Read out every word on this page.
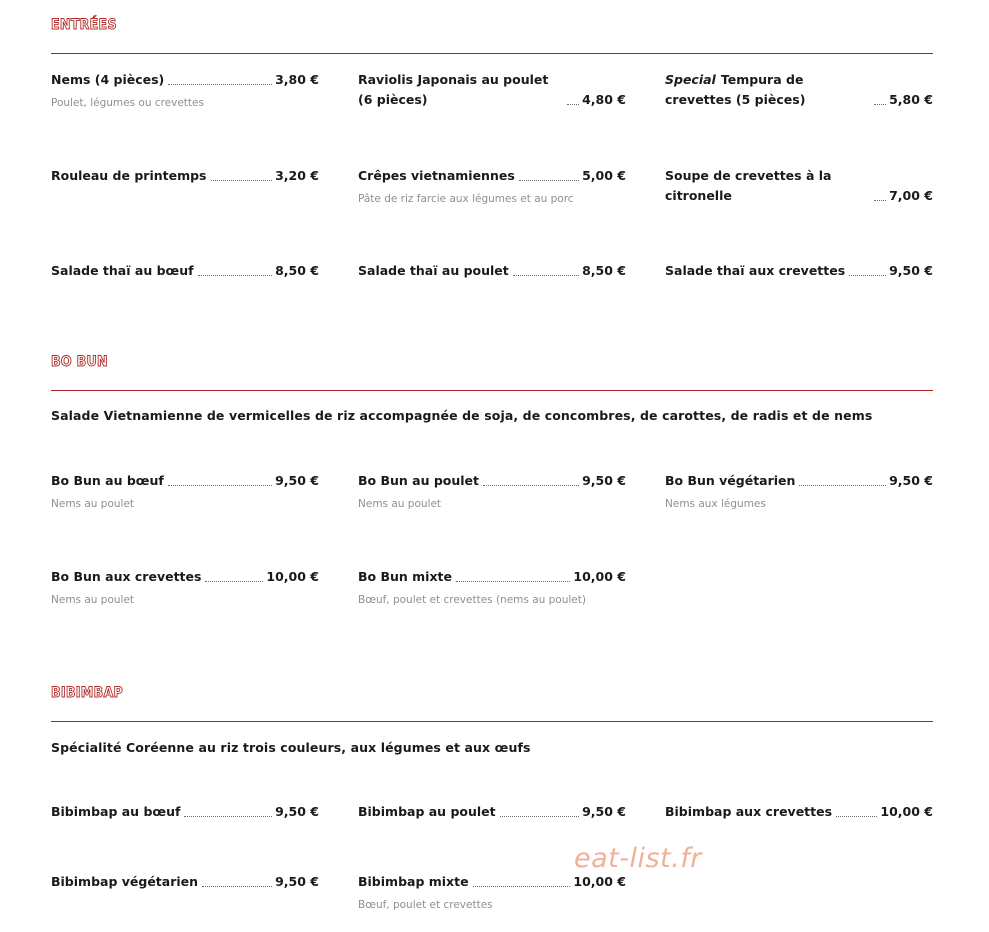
ENTRÉES
Nems (4 pièces)	3,80 €
Poulet, légumes ou crevettes
Raviolis Japonais au poulet (6 pièces)	4,80 €
Special Tempura de crevettes (5 pièces)	5,80 €
Rouleau de printemps	3,20 €	Crêpes vietnamiennes	5,00 €
Pâte de riz farcie aux légumes et au porc
Soupe de crevettes à la citronelle	7,00 €
Salade thaï au bœuf	8,50 €	Salade thaï au poulet	8,50 €	Salade thaï aux crevettes	9,50 €
BO BUN

Salade Vietnamienne de vermicelles de riz accompagnée de soja, de concombres, de carottes, de radis et de nems

Bo Bun au bœuf	9,50 €
Nems au poulet
Bo Bun au poulet	9,50 €
Nems au poulet
Bo Bun végétarien	9,50 €
Nems aux légumes
Bo Bun aux crevettes	10,00 €
Nems au poulet
Bo Bun mixte	10,00 €
Bœuf, poulet et crevettes (nems au poulet)
BIBIMBAP

Spécialité Coréenne au riz trois couleurs, aux légumes et aux œufs

Bibimbap au bœuf	9,50 €	Bibimbap au poulet	9,50 €	Bibimbap aux crevettes	10,00 €
Bibimbap végétarien	9,50 €	Bibimbap mixte	10,00 €
Bœuf, poulet et crevettes
eat-list.fr
